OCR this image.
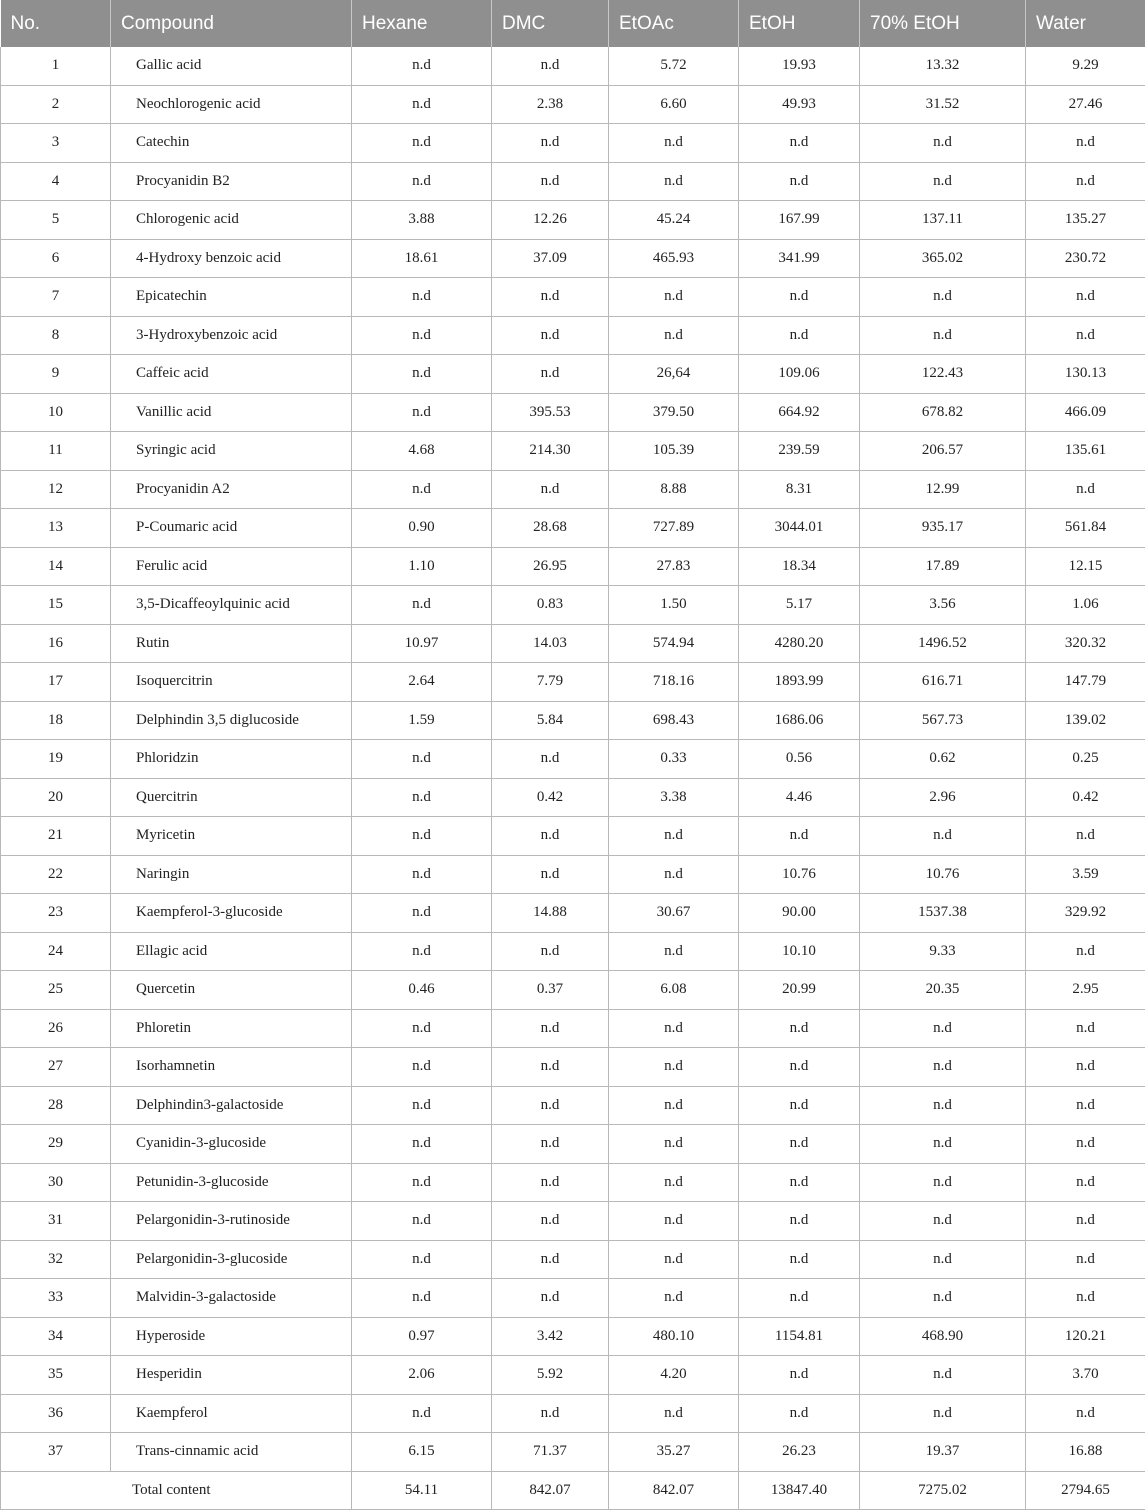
No.	Compound	Hexane	DMC	EtOAc	EtOH	70% EtOH	Water
1	Gallic acid	n.d	n.d	5.72	19.93	13.32	9.29
2	Neochlorogenic acid	n.d	2.38	6.60	49.93	31.52	27.46
3	Catechin	n.d	n.d	n.d	n.d	n.d	n.d
4	Procyanidin B2	n.d	n.d	n.d	n.d	n.d	n.d
5	Chlorogenic acid	3.88	12.26	45.24	167.99	137.11	135.27
6	4-Hydroxy benzoic acid	18.61	37.09	465.93	341.99	365.02	230.72
7	Epicatechin	n.d	n.d	n.d	n.d	n.d	n.d
8	3-Hydroxybenzoic acid	n.d	n.d	n.d	n.d	n.d	n.d
9	Caffeic acid	n.d	n.d	26,64	109.06	122.43	130.13
10	Vanillic acid	n.d	395.53	379.50	664.92	678.82	466.09
11	Syringic acid	4.68	214.30	105.39	239.59	206.57	135.61
12	Procyanidin A2	n.d	n.d	8.88	8.31	12.99	n.d
13	P-Coumaric acid	0.90	28.68	727.89	3044.01	935.17	561.84
14	Ferulic acid	1.10	26.95	27.83	18.34	17.89	12.15
15	3,5-Dicaffeoylquinic acid	n.d	0.83	1.50	5.17	3.56	1.06
16	Rutin	10.97	14.03	574.94	4280.20	1496.52	320.32
17	Isoquercitrin	2.64	7.79	718.16	1893.99	616.71	147.79
18	Delphindin 3,5 diglucoside	1.59	5.84	698.43	1686.06	567.73	139.02
19	Phloridzin	n.d	n.d	0.33	0.56	0.62	0.25
20	Quercitrin	n.d	0.42	3.38	4.46	2.96	0.42
21	Myricetin	n.d	n.d	n.d	n.d	n.d	n.d
22	Naringin	n.d	n.d	n.d	10.76	10.76	3.59
23	Kaempferol-3-glucoside	n.d	14.88	30.67	90.00	1537.38	329.92
24	Ellagic acid	n.d	n.d	n.d	10.10	9.33	n.d
25	Quercetin	0.46	0.37	6.08	20.99	20.35	2.95
26	Phloretin	n.d	n.d	n.d	n.d	n.d	n.d
27	Isorhamnetin	n.d	n.d	n.d	n.d	n.d	n.d
28	Delphindin3-galactoside	n.d	n.d	n.d	n.d	n.d	n.d
29	Cyanidin-3-glucoside	n.d	n.d	n.d	n.d	n.d	n.d
30	Petunidin-3-glucoside	n.d	n.d	n.d	n.d	n.d	n.d
31	Pelargonidin-3-rutinoside	n.d	n.d	n.d	n.d	n.d	n.d
32	Pelargonidin-3-glucoside	n.d	n.d	n.d	n.d	n.d	n.d
33	Malvidin-3-galactoside	n.d	n.d	n.d	n.d	n.d	n.d
34	Hyperoside	0.97	3.42	480.10	1154.81	468.90	120.21
35	Hesperidin	2.06	5.92	4.20	n.d	n.d	3.70
36	Kaempferol	n.d	n.d	n.d	n.d	n.d	n.d
37	Trans-cinnamic acid	6.15	71.37	35.27	26.23	19.37	16.88
Total content		54.11	842.07	842.07	13847.40	7275.02	2794.65
